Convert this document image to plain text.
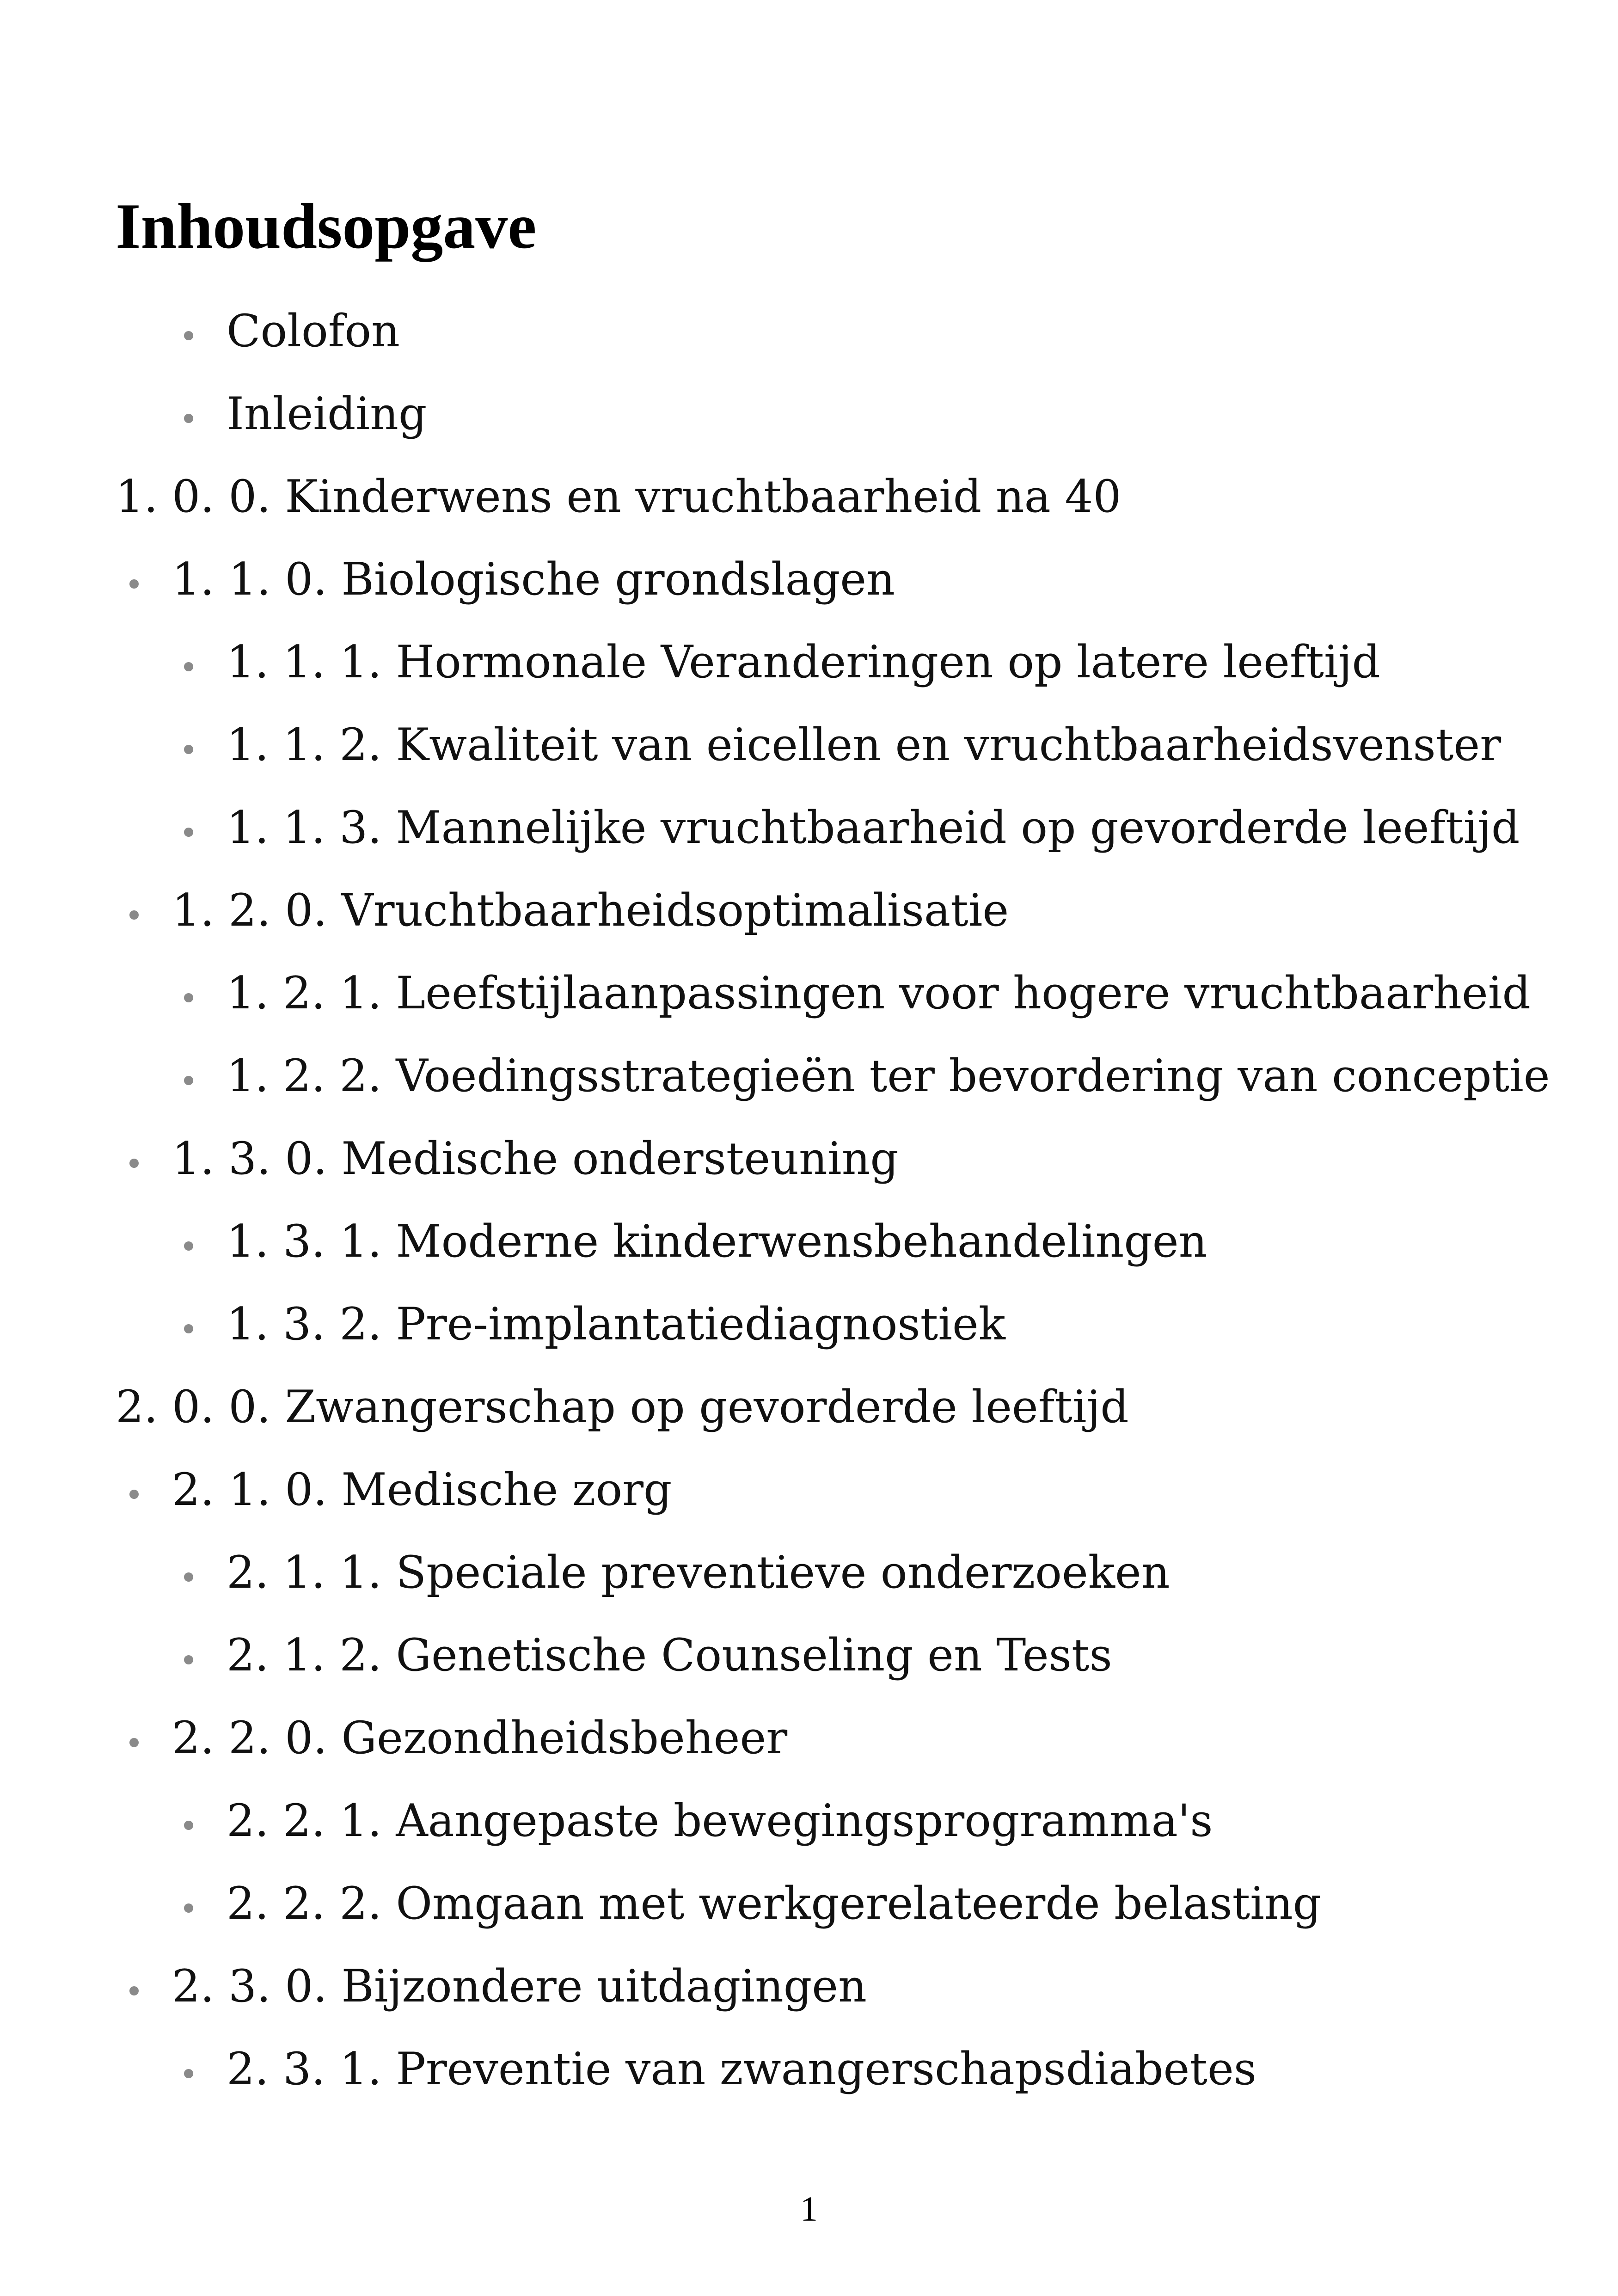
Inhoudsopgave
Colofon
Inleiding
1. 0. 0. Kinderwens en vruchtbaarheid na 40
1. 1. 0. Biologische grondslagen
1. 1. 1. Hormonale Veranderingen op latere leeftijd
1. 1. 2. Kwaliteit van eicellen en vruchtbaarheidsvenster
1. 1. 3. Mannelijke vruchtbaarheid op gevorderde leeftijd
1. 2. 0. Vruchtbaarheidsoptimalisatie
1. 2. 1. Leefstijlaanpassingen voor hogere vruchtbaarheid
1. 2. 2. Voedingsstrategieën ter bevordering van conceptie
1. 3. 0. Medische ondersteuning
1. 3. 1. Moderne kinderwensbehandelingen
1. 3. 2. Pre-implantatiediagnostiek
2. 0. 0. Zwangerschap op gevorderde leeftijd
2. 1. 0. Medische zorg
2. 1. 1. Speciale preventieve onderzoeken
2. 1. 2. Genetische Counseling en Tests
2. 2. 0. Gezondheidsbeheer
2. 2. 1. Aangepaste bewegingsprogramma's
2. 2. 2. Omgaan met werkgerelateerde belasting
2. 3. 0. Bijzondere uitdagingen
2. 3. 1. Preventie van zwangerschapsdiabetes
1
